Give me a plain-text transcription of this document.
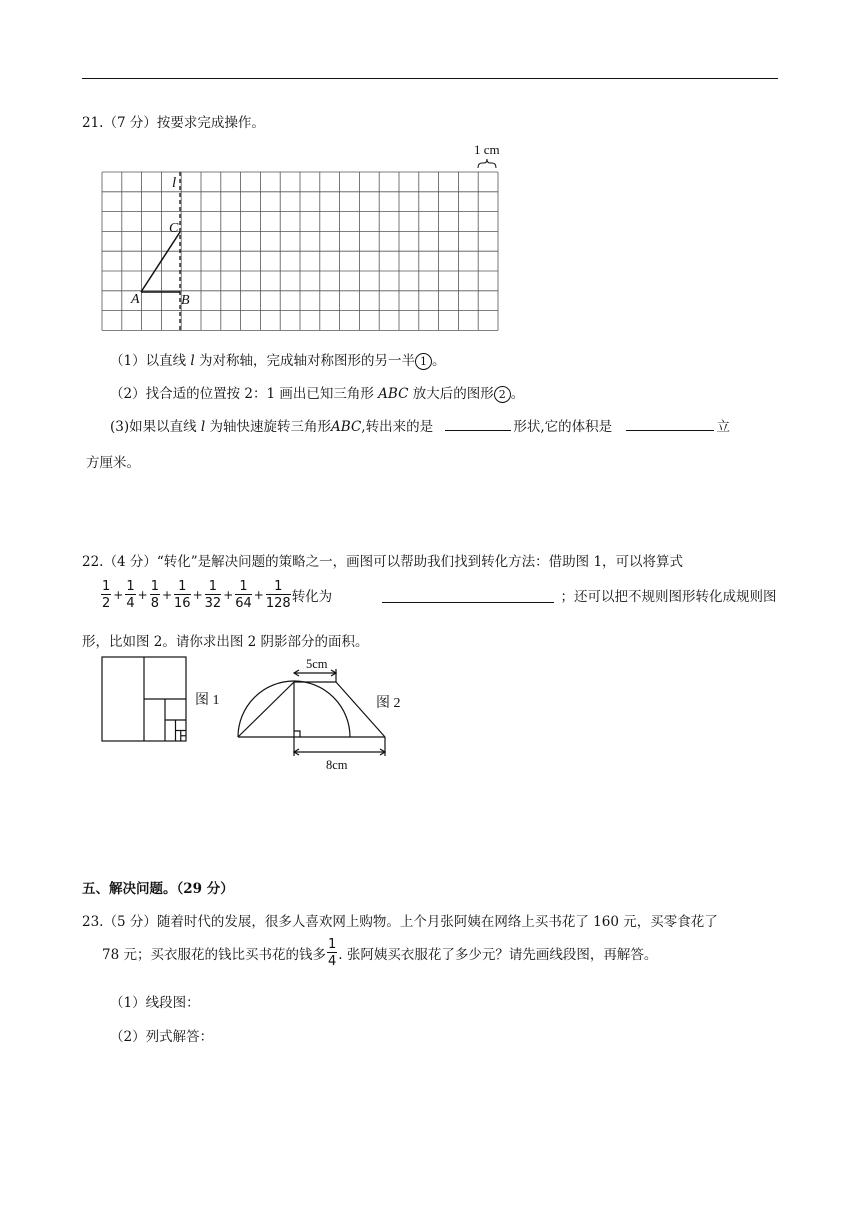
21.（7 分）按要求完成操作。
1 cm
l
A	B
C
（1）以直线 l 为对称轴，完成轴对称图形的另一半 1 。
（2）找合适的位置按 2：1 画出已知三角形 ABC 放大后的图形 2 。
(3)如果以直线 l 为轴快速旋转三角形ABC,转出来的是	形状,它的体积是	立
方厘米。
22.（4 分）“转化”是解决问题的策略之一，画图可以帮助我们找到转化方法：借助图 1，可以将算式
$\frac{1}{2} + \frac{1}{4} + \frac{1}{8} + \frac{1}{16} + \frac{1}{32} + \frac{1}{64} + \frac{1}{128}$ 转化为	；还可以把不规则图形转化成规则图
形，比如图 2。请你求出图 2 阴影部分的面积。
图 1
5cm
8cm
图 2
五、解决问题。（29 分）
23.（5 分）随着时代的发展，很多人喜欢网上购物。上个月张阿姨在网络上买书花了 160 元，买零食花了
78 元；买衣服花的钱比买书花的钱多 $\frac{1}{4}$ . 张阿姨买衣服花了多少元？请先画线段图，再解答。
（1）线段图：
（2）列式解答：
